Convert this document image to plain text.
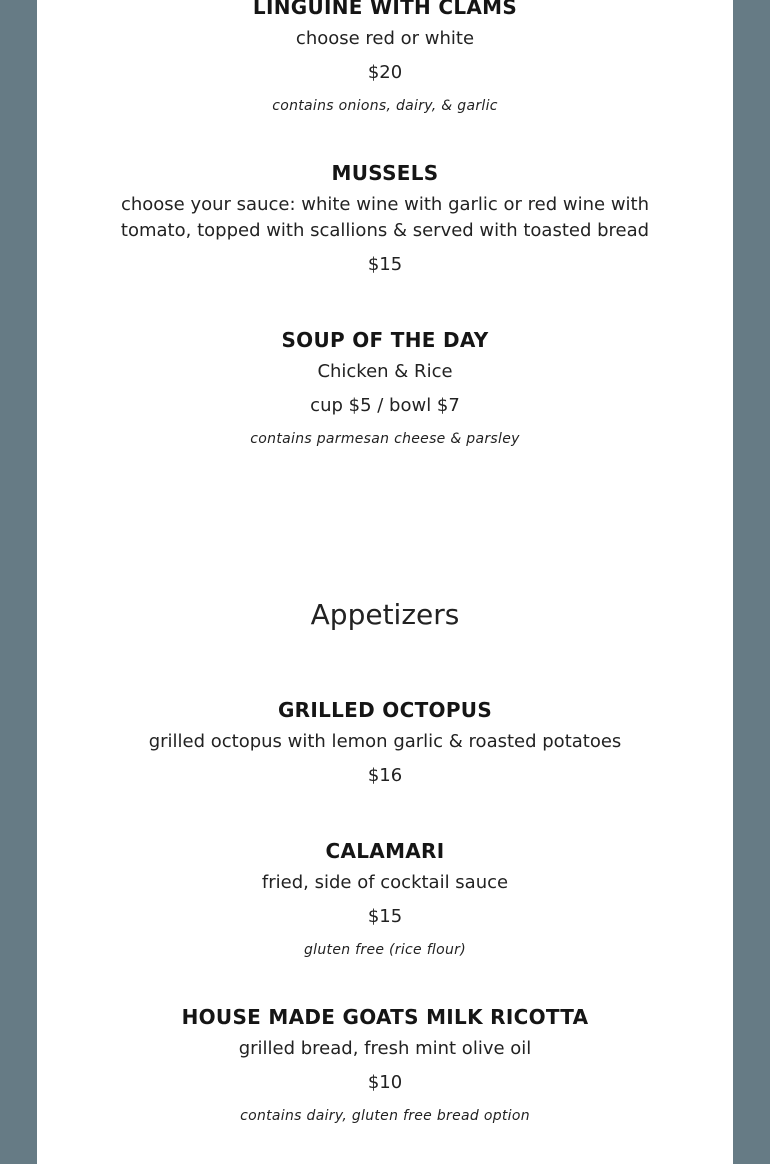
LINGUINE WITH CLAMS
choose red or white
$20
contains onions, dairy, & garlic
MUSSELS
choose your sauce: white wine with garlic or red wine with tomato, topped with scallions & served with toasted bread
$15
SOUP OF THE DAY
Chicken & Rice
cup $5 / bowl $7
contains parmesan cheese & parsley
Appetizers
GRILLED OCTOPUS
grilled octopus with lemon garlic & roasted potatoes
$16
CALAMARI
fried, side of cocktail sauce
$15
gluten free (rice flour)
HOUSE MADE GOATS MILK RICOTTA
grilled bread, fresh mint olive oil
$10
contains dairy, gluten free bread option
